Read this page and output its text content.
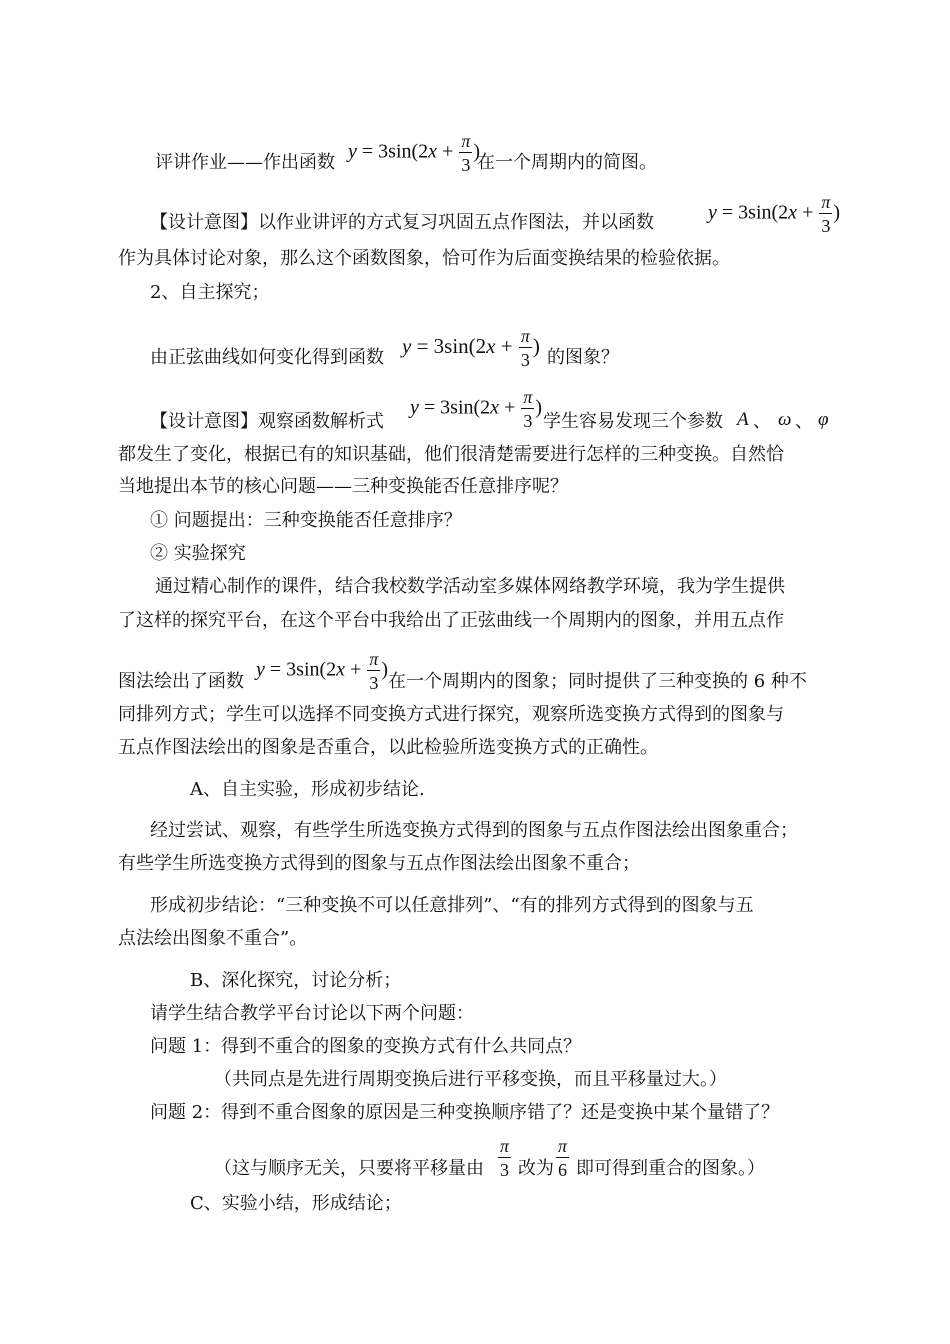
$y = 3\sin(2x + \frac{\pi}{3}$ )
评讲作业——作出函数	在一个周期内的简图。
【设计意图】以作业讲评的方式复习巩固五点作图法，并以函数	$y = 3\sin(2x + \frac{\pi}{3}$ )
作为具体讨论对象，那么这个函数图象，恰可作为后面变换结果的检验依据。
2、自主探究；
$y = 3\sin(2x + \frac{\pi}{3}$ )
由正弦曲线如何变化得到函数	的图象？
$y = 3\sin(2x + \frac{\pi}{3}$ )
【设计意图】观察函数解析式	学生容易发现三个参数 A 、 ω 、 φ
都发生了变化，根据已有的知识基础，他们很清楚需要进行怎样的三种变换。自然恰
当地提出本节的核心问题——三种变换能否任意排序呢？
① 问题提出：三种变换能否任意排序？
② 实验探究
通过精心制作的课件，结合我校数学活动室多媒体网络教学环境，我为学生提供
了这样的探究平台，在这个平台中我给出了正弦曲线一个周期内的图象，并用五点作
$y = 3\sin(2x + \frac{\pi}{3}$ )
图法绘出了函数	在一个周期内的图象；同时提供了三种变换的 6 种不
同排列方式；学生可以选择不同变换方式进行探究，观察所选变换方式得到的图象与
五点作图法绘出的图象是否重合，以此检验所选变换方式的正确性。
A、自主实验，形成初步结论.
经过尝试、观察，有些学生所选变换方式得到的图象与五点作图法绘出图象重合；
有些学生所选变换方式得到的图象与五点作图法绘出图象不重合；
形成初步结论：“三种变换不可以任意排列”、“有的排列方式得到的图象与五
点法绘出图象不重合”。
B、深化探究，讨论分析；
请学生结合教学平台讨论以下两个问题：
问题 1：得到不重合的图象的变换方式有什么共同点？
（共同点是先进行周期变换后进行平移变换，而且平移量过大。）
问题 2：得到不重合图象的原因是三种变换顺序错了？还是变换中某个量错了？
（这与顺序无关，只要将平移量由 $\frac{\pi}{3}$ 改为 $\frac{\pi}{6}$ 即可得到重合的图象。）
C、实验小结，形成结论；
